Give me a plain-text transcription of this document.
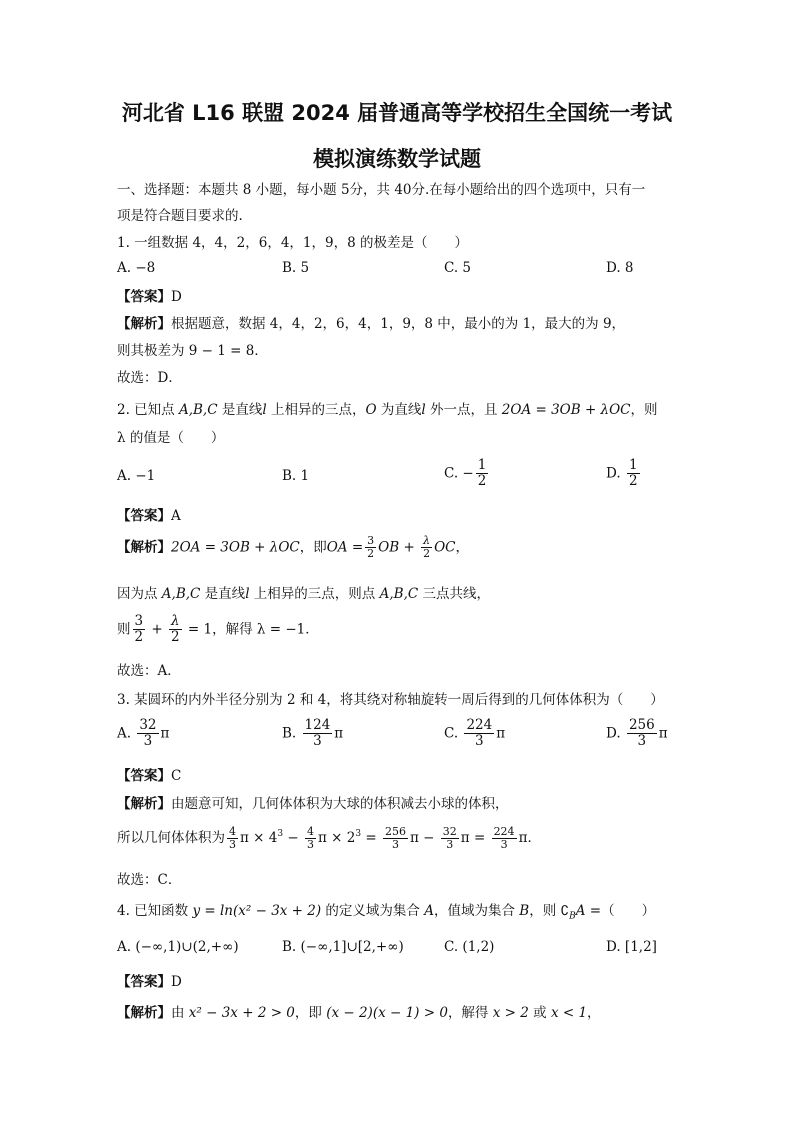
河北省 L16 联盟 2024 届普通高等学校招生全国统一考试
模拟演练数学试题
一、选择题：本题共 8 小题，每小题 5分，共 40分.在每小题给出的四个选项中，只有一
项是符合题目要求的.
1. 一组数据 4，4，2，6，4，1，9，8 的极差是（　　）
A. −8	B. 5	C. 5	D. 8
【答案】D
【解析】根据题意，数据 4，4，2，6，4，1，9，8 中，最小的为 1，最大的为 9，
则其极差为 9 − 1 = 8．
故选：D．
2. 已知点 A,B,C 是直线l 上相异的三点，O 为直线l 外一点，且 2OA = 3OB + λOC，则
λ 的值是（　　）
A. −1	B. 1	C. − $\frac{1}{2}$	D. $\frac{1}{2}$
【答案】A
【解析】2OA = 3OB + λOC，即OA = $\frac{3}{2}$ OB + $\frac{\lambda}{2}$ OC，
因为点 A,B,C 是直线l 上相异的三点，则点 A,B,C 三点共线，
则 $\frac{3}{2} + \frac{\lambda}{2} = 1$，解得 λ = −1．
故选：A．
3. 某圆环的内外半径分别为 2 和 4，将其绕对称轴旋转一周后得到的几何体体积为（　　）
A. $\frac{32}{3}$ π	B. $\frac{124}{3}$ π	C. $\frac{224}{3}$ π	D. $\frac{256}{3}$ π
【答案】C
【解析】由题意可知，几何体体积为大球的体积减去小球的体积，
所以几何体体积为 $\frac{4}{3}$ $\pi \times 4^3 - \frac{4}{3}$ $\pi \times 2^3 = \frac{256}{3}$ $\pi - \frac{32}{3}$ $\pi = \frac{224}{3}$ π．
故选：C．
4. 已知函数 y = ln(x² − 3x + 2) 的定义域为集合 A，值域为集合 B，则 $∁_BA$ =（　　）
A. (−∞,1)∪(2,+∞)	B. (−∞,1]∪[2,+∞)	C. (1,2)	D. [1,2]
【答案】D
【解析】由 x² − 3x + 2 > 0，即 (x − 2)(x − 1) > 0，解得 x > 2 或 x < 1，
